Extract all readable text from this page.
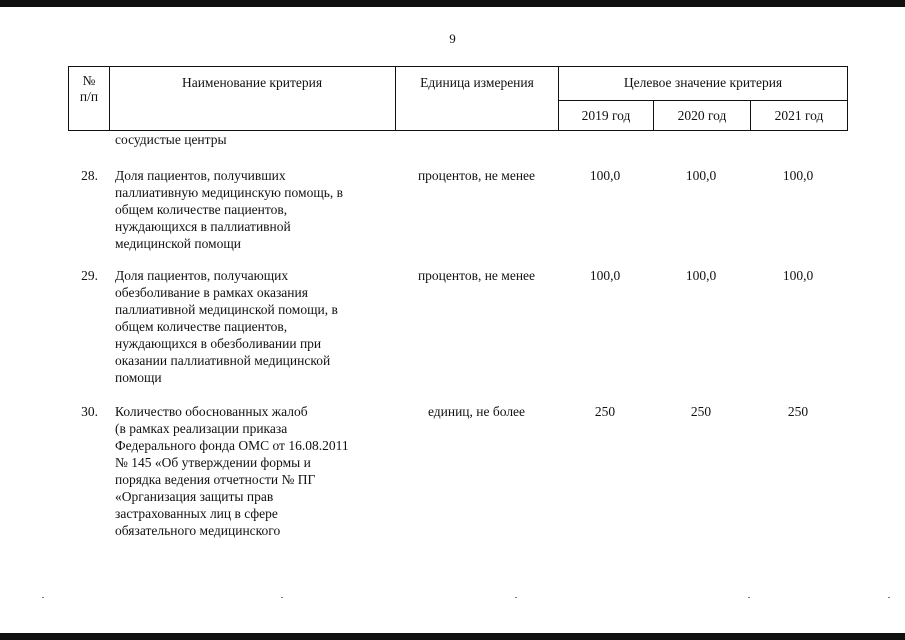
9
№
п/п
Наименование критерия	Единица измерения	Целевое значение критерия
2019 год	2020 год	2021 год
сосудистые центры
28. Доля пациентов, получивших
паллиативную медицинскую помощь, в
общем количестве пациентов,
нуждающихся в паллиативной
медицинской помощи
процентов, не менее	100,0	100,0	100,0
29. Доля пациентов, получающих
обезболивание в рамках оказания
паллиативной медицинской помощи, в
общем количестве пациентов,
нуждающихся в обезболивании при
оказании паллиативной медицинской
помощи
процентов, не менее	100,0	100,0	100,0
30. Количество обоснованных жалоб
(в рамках реализации приказа
Федерального фонда ОМС от 16.08.2011
№ 145 «Об утверждении формы и
порядка ведения отчетности № ПГ
«Организация защиты прав
застрахованных лиц в сфере
обязательного медицинского
единиц, не более	250	250	250
